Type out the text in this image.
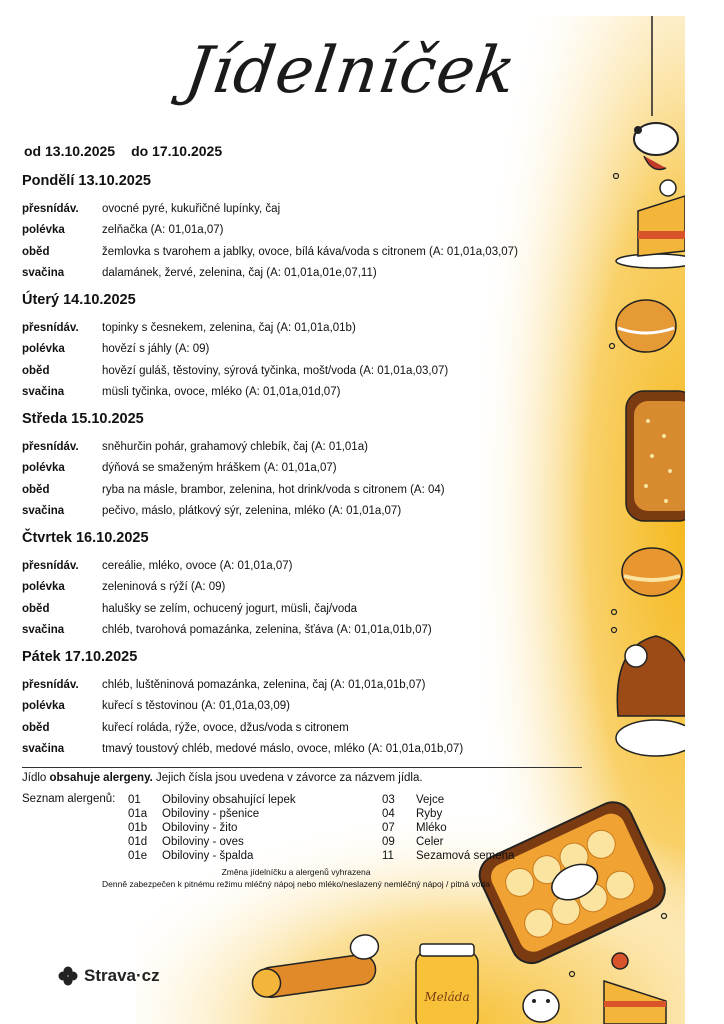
Meláda
Jídelníček
od 13.10.2025 do 17.10.2025
Pondělí 13.10.2025
přesnídáv.	ovocné pyré, kukuřičné lupínky, čaj
polévka	zelňačka (A: 01,01a,07)
oběd	žemlovka s tvarohem a jablky, ovoce, bílá káva/voda s citronem (A: 01,01a,03,07)
svačina	dalamánek, žervé, zelenina, čaj (A: 01,01a,01e,07,11)
Úterý 14.10.2025
přesnídáv.	topinky s česnekem, zelenina, čaj (A: 01,01a,01b)
polévka	hovězí s jáhly (A: 09)
oběd	hovězí guláš, těstoviny, sýrová tyčinka, mošt/voda (A: 01,01a,03,07)
svačina	müsli tyčinka, ovoce, mléko (A: 01,01a,01d,07)
Středa 15.10.2025
přesnídáv.	sněhurčin pohár, grahamový chlebík, čaj (A: 01,01a)
polévka	dýňová se smaženým hráškem (A: 01,01a,07)
oběd	ryba na másle, brambor, zelenina, hot drink/voda s citronem (A: 04)
svačina	pečivo, máslo, plátkový sýr, zelenina, mléko (A: 01,01a,07)
Čtvrtek 16.10.2025
přesnídáv.	cereálie, mléko, ovoce (A: 01,01a,07)
polévka	zeleninová s rýží (A: 09)
oběd	halušky se zelím, ochucený jogurt, müsli, čaj/voda
svačina	chléb, tvarohová pomazánka, zelenina, šťáva (A: 01,01a,01b,07)
Pátek 17.10.2025
přesnídáv.	chléb, luštěninová pomazánka, zelenina, čaj (A: 01,01a,01b,07)
polévka	kuřecí s těstovinou (A: 01,01a,03,09)
oběd	kuřecí roláda, rýže, ovoce, džus/voda s citronem
svačina	tmavý toustový chléb, medové máslo, ovoce, mléko (A: 01,01a,01b,07)
Jídlo obsahuje alergeny. Jejich čísla jsou uvedena v závorce za názvem jídla.
Seznam alergenů:	01 Obiloviny obsahující lepek
01a Obiloviny - pšenice
01b Obiloviny - žito
01d Obiloviny - oves
01e Obiloviny - špalda
03 Vejce
04 Ryby
07 Mléko
09 Celer
11 Sezamová semena
Změna jídelníčku a alergenů vyhrazena
Denně zabezpečen k pitnému režimu mléčný nápoj nebo mléko/neslazený nemléčný nápoj / pitná voda
Strava·cz
